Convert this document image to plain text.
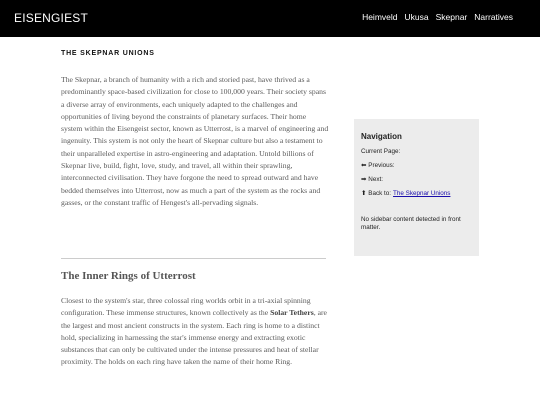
EISENGIEST	Heimveld Ukusa Skepnar Narratives
THE SKEPNAR UNIONS

The Skepnar, a branch of humanity with a rich and storied past, have thrived as a predominantly space-based civilization for close to 100,000 years. Their society spans a diverse array of environments, each uniquely adapted to the challenges and opportunities of living beyond the constraints of planetary surfaces. Their home system within the Eisengeist sector, known as Utterrost, is a marvel of engineering and ingenuity. This system is not only the heart of Skepnar culture but also a testament to their unparalleled expertise in astro-engineering and adaptation. Untold billions of Skepnar live, build, fight, love, study, and travel, all within their sprawling, interconnected civilisation. They have forgone the need to spread outward and have bedded themselves into Utterrost, now as much a part of the system as the rocks and gasses, or the constant traffic of Hengest's all-pervading signals.

The Inner Rings of Utterrost

Closest to the system's star, three colossal ring worlds orbit in a tri-axial spinning configuration. These immense structures, known collectively as the Solar Tethers, are the largest and most ancient constructs in the system. Each ring is home to a distinct hold, specializing in harnessing the star's immense energy and extracting exotic substances that can only be cultivated under the intense pressures and heat of stellar proximity. The holds on each ring have taken the name of their home Ring.

Navigation
Current Page:
⬅ Previous:
➡ Next:
⬆ Back to: The Skepnar Unions
No sidebar content detected in front matter.
